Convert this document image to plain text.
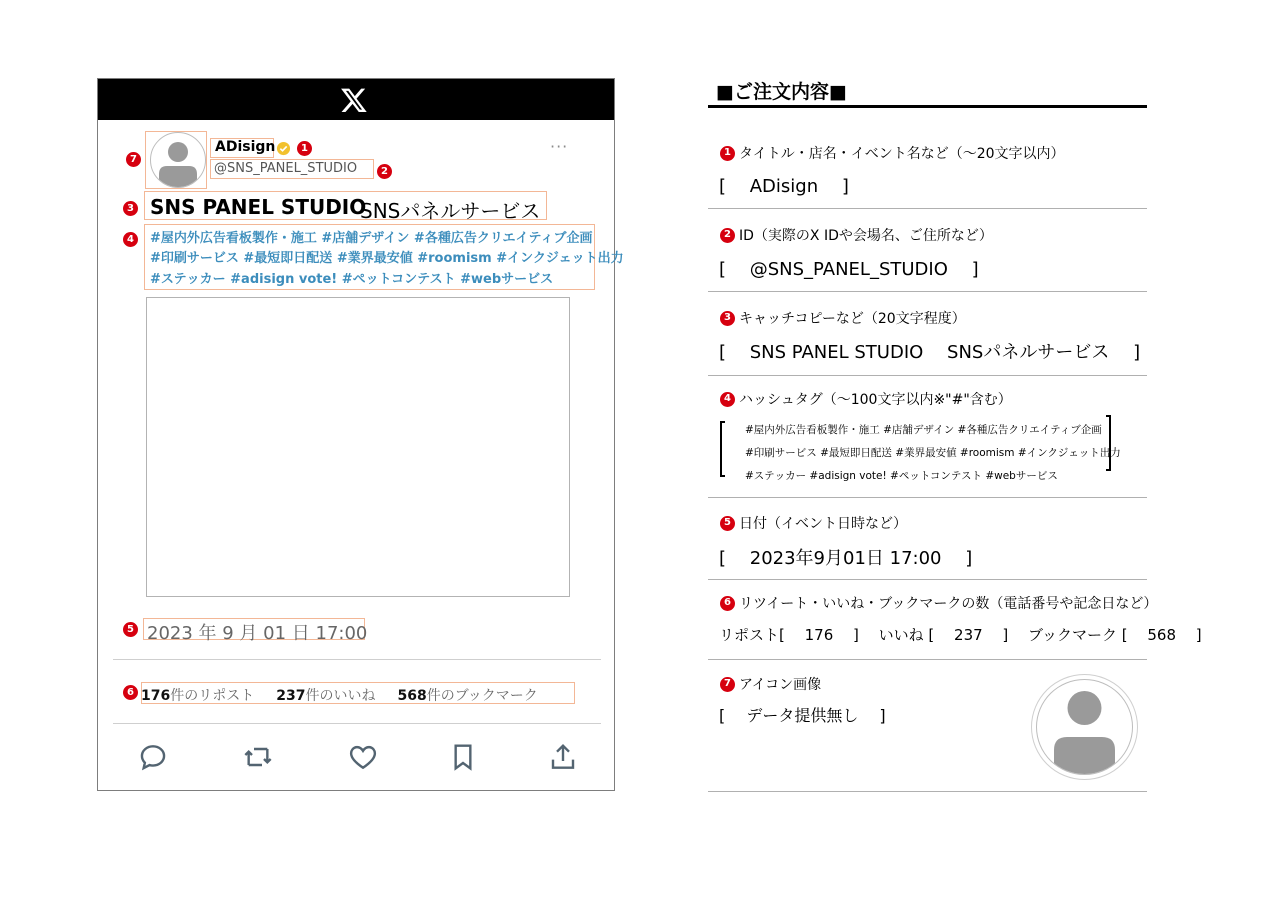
7
ADisign	1	···
@SNS_PANEL_STUDIO	2
3 SNS PANEL STUDIO
SNSパネルサービス
4	#屋内外広告看板製作・施工 #店舗デザイン #各種広告クリエイティブ企画
#印刷サービス #最短即日配送 #業界最安値 #roomism #インクジェット出力
#ステッカー #adisign vote! #ペットコンテスト #webサービス
5 2023 年 9 月 01 日 17:00
6 176件のリポスト 237件のいいね 568件のブックマーク
■ご注文内容■
1 タイトル・店名・イベント名など（〜20文字以内）
[　 ADisign　 ]
2 ID（実際のX IDや会場名、ご住所など）
[　 @SNS_PANEL_STUDIO　 ]
3 キャッチコピーなど（20文字程度）
[　 SNS PANEL STUDIO　 SNSパネルサービス　 ]
4 ハッシュタグ（〜100文字以内※"#"含む）
#屋内外広告看板製作・施工 #店舗デザイン #各種広告クリエイティブ企画
#印刷サービス #最短即日配送 #業界最安値 #roomism #インクジェット出力
#ステッカー #adisign vote! #ペットコンテスト #webサービス
5 日付（イベント日時など）
[　 2023年9月01日 17:00　 ]
6 リツイート・いいね・ブックマークの数（電話番号や記念日など）
リポスト[　 176　 ]　 いいね [　 237　 ]　 ブックマーク [　 568　 ]
7 アイコン画像
[　 データ提供無し　 ]
